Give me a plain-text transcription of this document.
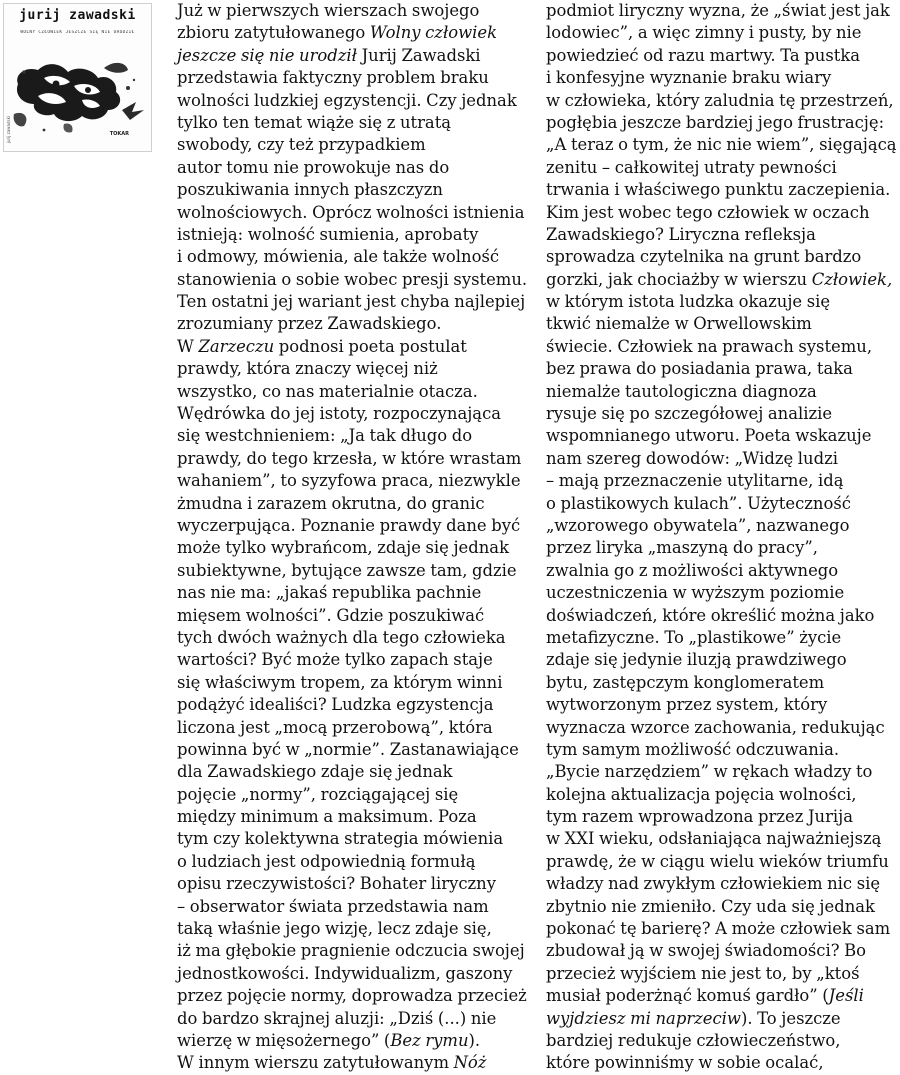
jurij zawadski
WOLNY CZŁOWIEK JESZCZE SIĘ NIE URODZIŁ
jurij zawadski	TOKAR
Już w pierwszych wierszach swojego
zbioru zatytułowanego Wolny człowiek
jeszcze się nie urodził Jurij Zawadski
przedstawia faktyczny problem braku
wolności ludzkiej egzystencji. Czy jednak
tylko ten temat wiąże się z utratą
swobody, czy też przypadkiem
autor tomu nie prowokuje nas do
poszukiwania innych płaszczyzn
wolnościowych. Oprócz wolności istnienia
istnieją: wolność sumienia, aprobaty
i odmowy, mówienia, ale także wolność
stanowienia o sobie wobec presji systemu.
Ten ostatni jej wariant jest chyba najlepiej
zrozumiany przez Zawadskiego.
W Zarzeczu podnosi poeta postulat
prawdy, która znaczy więcej niż
wszystko, co nas materialnie otacza.
Wędrówka do jej istoty, rozpoczynająca
się westchnieniem: „Ja tak długo do
prawdy, do tego krzesła, w które wrastam
wahaniem”, to syzyfowa praca, niezwykle
żmudna i zarazem okrutna, do granic
wyczerpująca. Poznanie prawdy dane być
może tylko wybrańcom, zdaje się jednak
subiektywne, bytujące zawsze tam, gdzie
nas nie ma: „jakaś republika pachnie
mięsem wolności”. Gdzie poszukiwać
tych dwóch ważnych dla tego człowieka
wartości? Być może tylko zapach staje
się właściwym tropem, za którym winni
podążyć idealiści? Ludzka egzystencja
liczona jest „mocą przerobową”, która
powinna być w „normie”. Zastanawiające
dla Zawadskiego zdaje się jednak
pojęcie „normy”, rozciągającej się
między minimum a maksimum. Poza
tym czy kolektywna strategia mówienia
o ludziach jest odpowiednią formułą
opisu rzeczywistości? Bohater liryczny
– obserwator świata przedstawia nam
taką właśnie jego wizję, lecz zdaje się,
iż ma głębokie pragnienie odczucia swojej
jednostkowości. Indywidualizm, gaszony
przez pojęcie normy, doprowadza przecież
do bardzo skrajnej aluzji: „Dziś (...) nie
wierzę w mięsożernego” (Bez rymu).
W innym wierszu zatytułowanym Nóż
podmiot liryczny wyzna, że „świat jest jak
lodowiec”, a więc zimny i pusty, by nie
powiedzieć od razu martwy. Ta pustka
i konfesyjne wyznanie braku wiary
w człowieka, który zaludnia tę przestrzeń,
pogłębia jeszcze bardziej jego frustrację:
„A teraz o tym, że nic nie wiem”, sięgającą
zenitu – całkowitej utraty pewności
trwania i właściwego punktu zaczepienia.
Kim jest wobec tego człowiek w oczach
Zawadskiego? Liryczna refleksja
sprowadza czytelnika na grunt bardzo
gorzki, jak chociażby w wierszu Człowiek,
w którym istota ludzka okazuje się
tkwić niemalże w Orwellowskim
świecie. Człowiek na prawach systemu,
bez prawa do posiadania prawa, taka
niemalże tautologiczna diagnoza
rysuje się po szczegółowej analizie
wspomnianego utworu. Poeta wskazuje
nam szereg dowodów: „Widzę ludzi
– mają przeznaczenie utylitarne, idą
o plastikowych kulach”. Użyteczność
„wzorowego obywatela”, nazwanego
przez liryka „maszyną do pracy”,
zwalnia go z możliwości aktywnego
uczestniczenia w wyższym poziomie
doświadczeń, które określić można jako
metafizyczne. To „plastikowe” życie
zdaje się jedynie iluzją prawdziwego
bytu, zastępczym konglomeratem
wytworzonym przez system, który
wyznacza wzorce zachowania, redukując
tym samym możliwość odczuwania.
„Bycie narzędziem” w rękach władzy to
kolejna aktualizacja pojęcia wolności,
tym razem wprowadzona przez Jurija
w XXI wieku, odsłaniająca najważniejszą
prawdę, że w ciągu wielu wieków triumfu
władzy nad zwykłym człowiekiem nic się
zbytnio nie zmieniło. Czy uda się jednak
pokonać tę barierę? A może człowiek sam
zbudował ją w swojej świadomości? Bo
przecież wyjściem nie jest to, by „ktoś
musiał poderżnąć komuś gardło” (Jeśli
wyjdziesz mi naprzeciw). To jeszcze
bardziej redukuje człowieczeństwo,
które powinniśmy w sobie ocalać,
